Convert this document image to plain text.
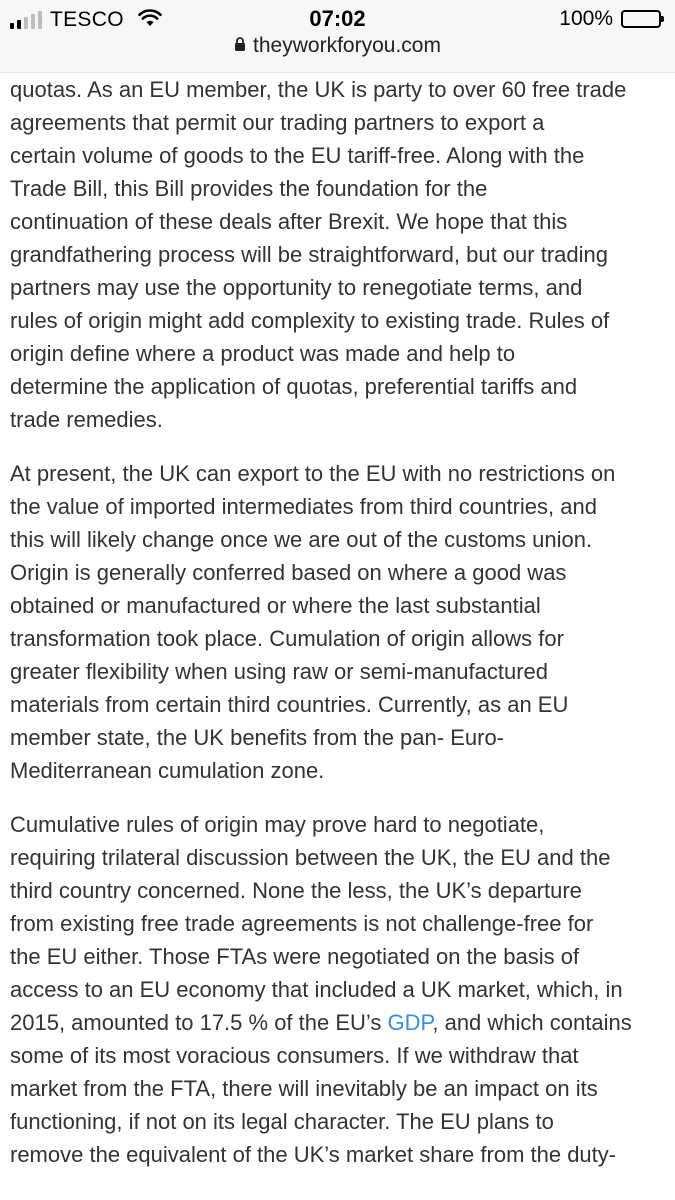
TESCO	07:02	100%
theyworkforyou.com

quotas. As an EU member, the UK is party to over 60 free trade
agreements that permit our trading partners to export a
certain volume of goods to the EU tariff-free. Along with the
Trade Bill, this Bill provides the foundation for the
continuation of these deals after Brexit. We hope that this
grandfathering process will be straightforward, but our trading
partners may use the opportunity to renegotiate terms, and
rules of origin might add complexity to existing trade. Rules of
origin define where a product was made and help to
determine the application of quotas, preferential tariffs and
trade remedies.

At present, the UK can export to the EU with no restrictions on
the value of imported intermediates from third countries, and
this will likely change once we are out of the customs union.
Origin is generally conferred based on where a good was
obtained or manufactured or where the last substantial
transformation took place. Cumulation of origin allows for
greater flexibility when using raw or semi-manufactured
materials from certain third countries. Currently, as an EU
member state, the UK benefits from the pan- Euro-
Mediterranean cumulation zone.

Cumulative rules of origin may prove hard to negotiate,
requiring trilateral discussion between the UK, the EU and the
third country concerned. None the less, the UK’s departure
from existing free trade agreements is not challenge-free for
the EU either. Those FTAs were negotiated on the basis of
access to an EU economy that included a UK market, which, in
2015, amounted to 17.5 % of the EU’s GDP, and which contains
some of its most voracious consumers. If we withdraw that
market from the FTA, there will inevitably be an impact on its
functioning, if not on its legal character. The EU plans to
remove the equivalent of the UK’s market share from the duty-
